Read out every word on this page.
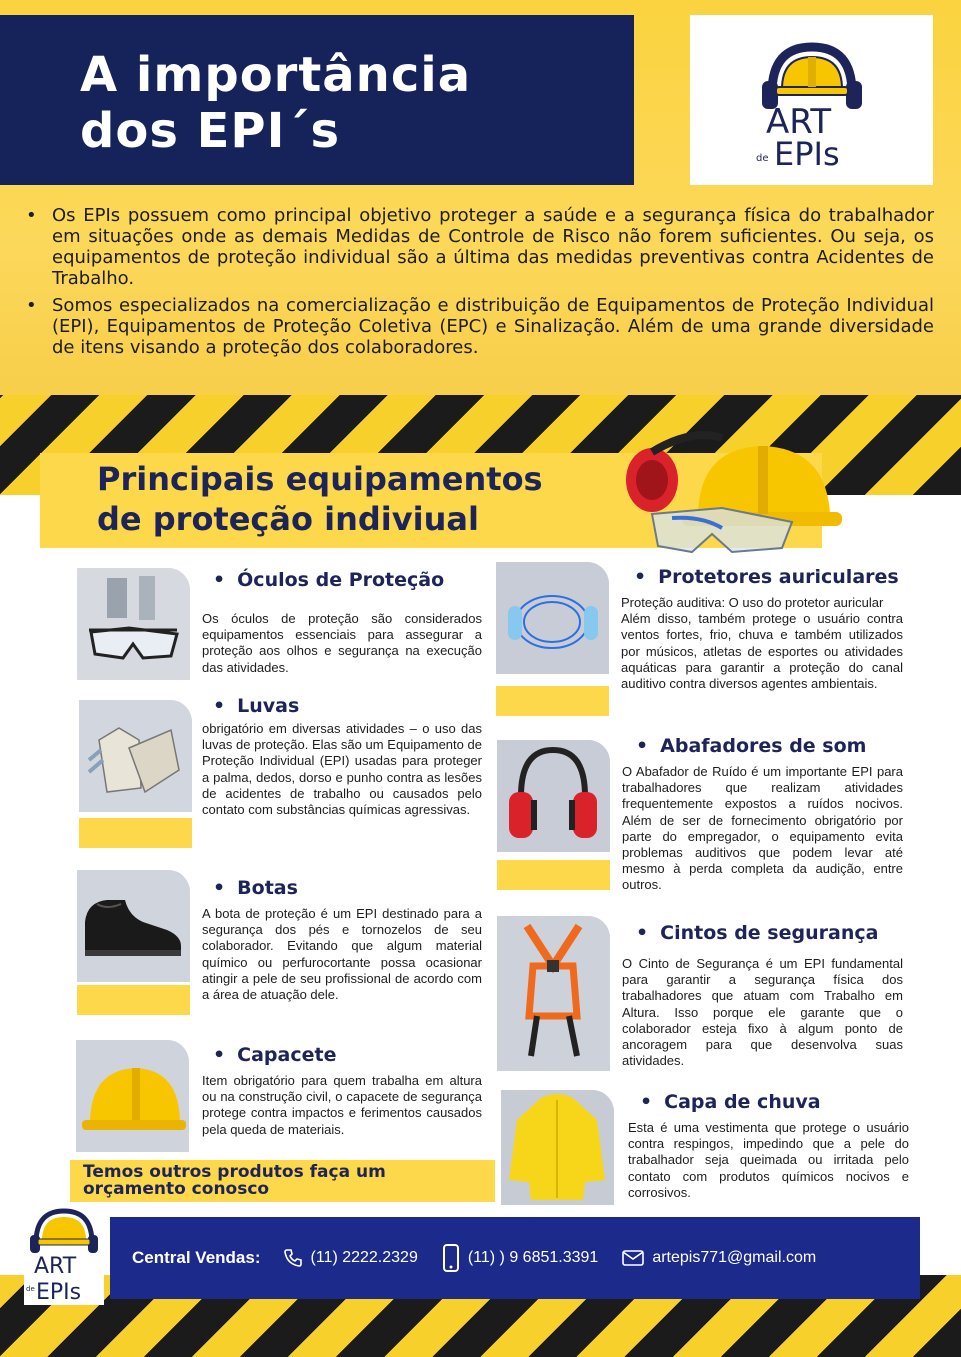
A importância
dos EPI´s	ART
de EPIs
• Os EPIs possuem como principal objetivo proteger a saúde e a segurança física do trabalhador em situações onde as demais Medidas de Controle de Risco não forem suficientes. Ou seja, os equipamentos de proteção individual são a última das medidas preventivas contra Acidentes de Trabalho.
• Somos especializados na comercialização e distribuição de Equipamentos de Proteção Individual (EPI), Equipamentos de Proteção Coletiva (EPC) e Sinalização. Além de uma grande diversidade de itens visando a proteção dos colaboradores.
Principais equipamentos
de proteção indiviual
• Óculos de Proteção
Os óculos de proteção são considerados equipamentos essenciais para assegurar a proteção aos olhos e segurança na execução das atividades.
• Luvas
obrigatório em diversas atividades – o uso das luvas de proteção. Elas são um Equipamento de Proteção Individual (EPI) usadas para proteger a palma, dedos, dorso e punho contra as lesões de acidentes de trabalho ou causados pelo contato com substâncias químicas agressivas.
• Botas
A bota de proteção é um EPI destinado para a segurança dos pés e tornozelos de seu colaborador. Evitando que algum material químico ou perfurocortante possa ocasionar atingir a pele de seu profissional de acordo com a área de atuação dele.
• Capacete
Item obrigatório para quem trabalha em altura ou na construção civil, o capacete de segurança protege contra impactos e ferimentos causados pela queda de materiais.
• Protetores auriculares
Proteção auditiva: O uso do protetor auricular
Além disso, também protege o usuário contra ventos fortes, frio, chuva e também utilizados por músicos, atletas de esportes ou atividades aquáticas para garantir a proteção do canal auditivo contra diversos agentes ambientais.
• Abafadores de som
O Abafador de Ruído é um importante EPI para trabalhadores que realizam atividades frequentemente expostos a ruídos nocivos. Além de ser de fornecimento obrigatório por parte do empregador, o equipamento evita problemas auditivos que podem levar até mesmo à perda completa da audição, entre outros.
• Cintos de segurança
O Cinto de Segurança é um EPI fundamental para garantir a segurança física dos trabalhadores que atuam com Trabalho em Altura. Isso porque ele garante que o colaborador esteja fixo à algum ponto de ancoragem para que desenvolva suas atividades.
• Capa de chuva
Esta é uma vestimenta que protege o usuário contra respingos, impedindo que a pele do trabalhador seja queimada ou irritada pelo contato com produtos químicos nocivos e corrosivos.
Temos outros produtos faça um
orçamento conosco
ART
de EPIs
Central Vendas:	(11) 2222.2329	(11) ) 9 6851.3391	artepis771@gmail.com
